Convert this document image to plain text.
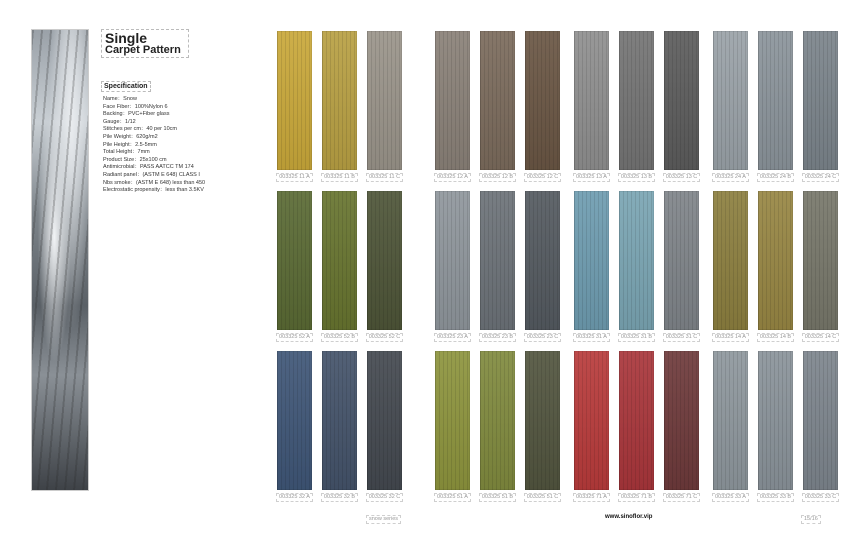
Single
Carpet Pattern
Specification
Name：Snow
Face Fiber：100%Nylon 6
Backing：PVC+Fiber glass
Gauge：1/12
Stitches per cm：40 per 10cm
Pile Weight：620g/m2
Pile Height：2.5-5mm
Total Height：7mm
Product Size：25x100 cm
Antimicrobial：PASS AATCC TM 174
Radiant panel：(ASTM E 648) CLASS I
Nbs smoke：(ASTM E 648) less than 450
Electrostatic propensity：less than 3.5KV
003325 11 A	003325 11 B	003325 11 C	003325 12 A	003325 12 B	003325 12 C	003325 13 A	003325 13 B	003325 13 C	003325 24 A	003325 24 B	003325 24 C
003325 52 A	003325 52 B	003325 52 C	003325 23 A	003325 23 B	003325 23 C	003325 31 A	003325 31 B	003325 31 C	003325 14 A	003325 14 B	003325 14 C
003325 32 A	003325 32 B	003325 32 C	003325 51 A	003325 51 B	003325 51 C	003325 71 A	003325 71 B	003325 71 C	003325 33 A	003325 33 B	003325 33 C
snow series	www.sinoflor.vip	15/16
